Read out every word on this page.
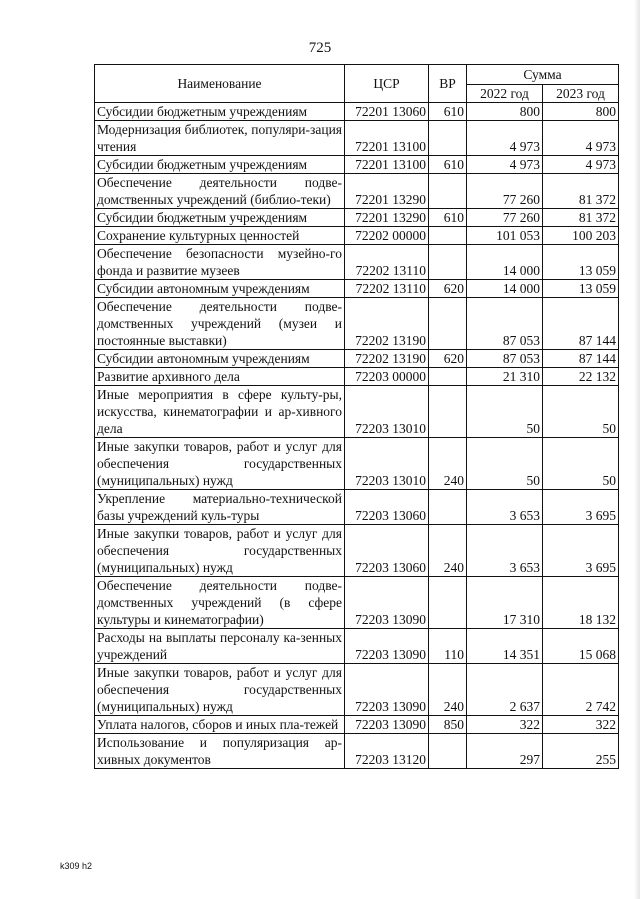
725
Наименование	ЦСР	ВР	Сумма	
			2022 год	2023 год
Субсидии бюджетным учреждениям	72201 13060	610	800	800
Модернизация библиотек, популяри-зация чтения	72201 13100		4 973	4 973
Субсидии бюджетным учреждениям	72201 13100	610	4 973	4 973
Обеспечение деятельности подве-домственных учреждений (библио-теки)	72201 13290		77 260	81 372
Субсидии бюджетным учреждениям	72201 13290	610	77 260	81 372
Сохранение культурных ценностей	72202 00000		101 053	100 203
Обеспечение безопасности музейно-го фонда и развитие музеев	72202 13110		14 000	13 059
Субсидии автономным учреждениям	72202 13110	620	14 000	13 059
Обеспечение деятельности подве-домственных учреждений (музеи и постоянные выставки)	72202 13190		87 053	87 144
Субсидии автономным учреждениям	72202 13190	620	87 053	87 144
Развитие архивного дела	72203 00000		21 310	22 132
Иные мероприятия в сфере культу-ры, искусства, кинематографии и ар-хивного дела	72203 13010		50	50
Иные закупки товаров, работ и услуг для обеспечения государственных (муниципальных) нужд	72203 13010	240	50	50
Укрепление материально-технической базы учреждений куль-туры	72203 13060		3 653	3 695
Иные закупки товаров, работ и услуг для обеспечения государственных (муниципальных) нужд	72203 13060	240	3 653	3 695
Обеспечение деятельности подве-домственных учреждений (в сфере культуры и кинематографии)	72203 13090		17 310	18 132
Расходы на выплаты персоналу ка-зенных учреждений	72203 13090	110	14 351	15 068
Иные закупки товаров, работ и услуг для обеспечения государственных (муниципальных) нужд	72203 13090	240	2 637	2 742
Уплата налогов, сборов и иных пла-тежей	72203 13090	850	322	322
Использование и популяризация ар-хивных документов	72203 13120		297	255
k309 h2
